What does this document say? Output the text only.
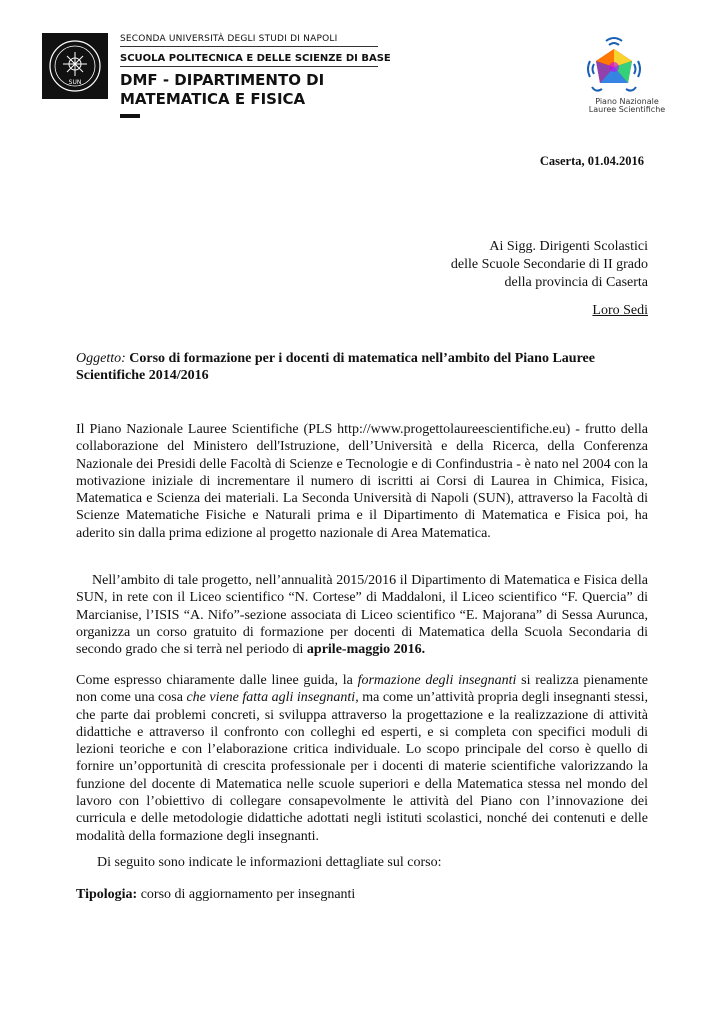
SUN
SECONDA UNIVERSITÀ DEGLI STUDI DI NAPOLI
SCUOLA POLITECNICA E DELLE SCIENZE DI BASE
DMF - DIPARTIMENTO DI
MATEMATICA E FISICA	Piano Nazionale
Lauree Scientifiche
Caserta, 01.04.2016
Ai Sigg. Dirigenti Scolastici
delle Scuole Secondarie di II grado
della provincia di Caserta
Loro Sedi
Oggetto: Corso di formazione per i docenti di matematica nell’ambito del Piano Lauree Scientifiche 2014/2016

Il Piano Nazionale Lauree Scientifiche (PLS http://www.progettolaureescientifiche.eu) - frutto della collaborazione del Ministero dell'Istruzione, dell’Università e della Ricerca, della Conferenza Nazionale dei Presidi delle Facoltà di Scienze e Tecnologie e di Confindustria - è nato nel 2004 con la motivazione iniziale di incrementare il numero di iscritti ai Corsi di Laurea in Chimica, Fisica, Matematica e Scienza dei materiali. La Seconda Università di Napoli (SUN), attraverso la Facoltà di Scienze Matematiche Fisiche e Naturali prima e il Dipartimento di Matematica e Fisica poi, ha aderito sin dalla prima edizione al progetto nazionale di Area Matematica.

Nell’ambito di tale progetto, nell’annualità 2015/2016 il Dipartimento di Matematica e Fisica della SUN, in rete con il Liceo scientifico “N. Cortese” di Maddaloni, il Liceo scientifico “F. Quercia” di Marcianise, l’ISIS “A. Nifo”-sezione associata di Liceo scientifico “E. Majorana” di Sessa Aurunca, organizza un corso gratuito di formazione per docenti di Matematica della Scuola Secondaria di secondo grado che si terrà nel periodo di aprile-maggio 2016.

Come espresso chiaramente dalle linee guida, la formazione degli insegnanti si realizza pienamente non come una cosa che viene fatta agli insegnanti, ma come un’attività propria degli insegnanti stessi, che parte dai problemi concreti, si sviluppa attraverso la progettazione e la realizzazione di attività didattiche e attraverso il confronto con colleghi ed esperti, e si completa con specifici moduli di lezioni teoriche e con l’elaborazione critica individuale. Lo scopo principale del corso è quello di fornire un’opportunità di crescita professionale per i docenti di materie scientifiche valorizzando la funzione del docente di Matematica nelle scuole superiori e della Matematica stessa nel mondo del lavoro con l’obiettivo di collegare consapevolmente le attività del Piano con l’innovazione dei curricula e delle metodologie didattiche adottati negli istituti scolastici, nonché dei contenuti e delle modalità della formazione degli insegnanti.

Di seguito sono indicate le informazioni dettagliate sul corso:

Tipologia: corso di aggiornamento per insegnanti
